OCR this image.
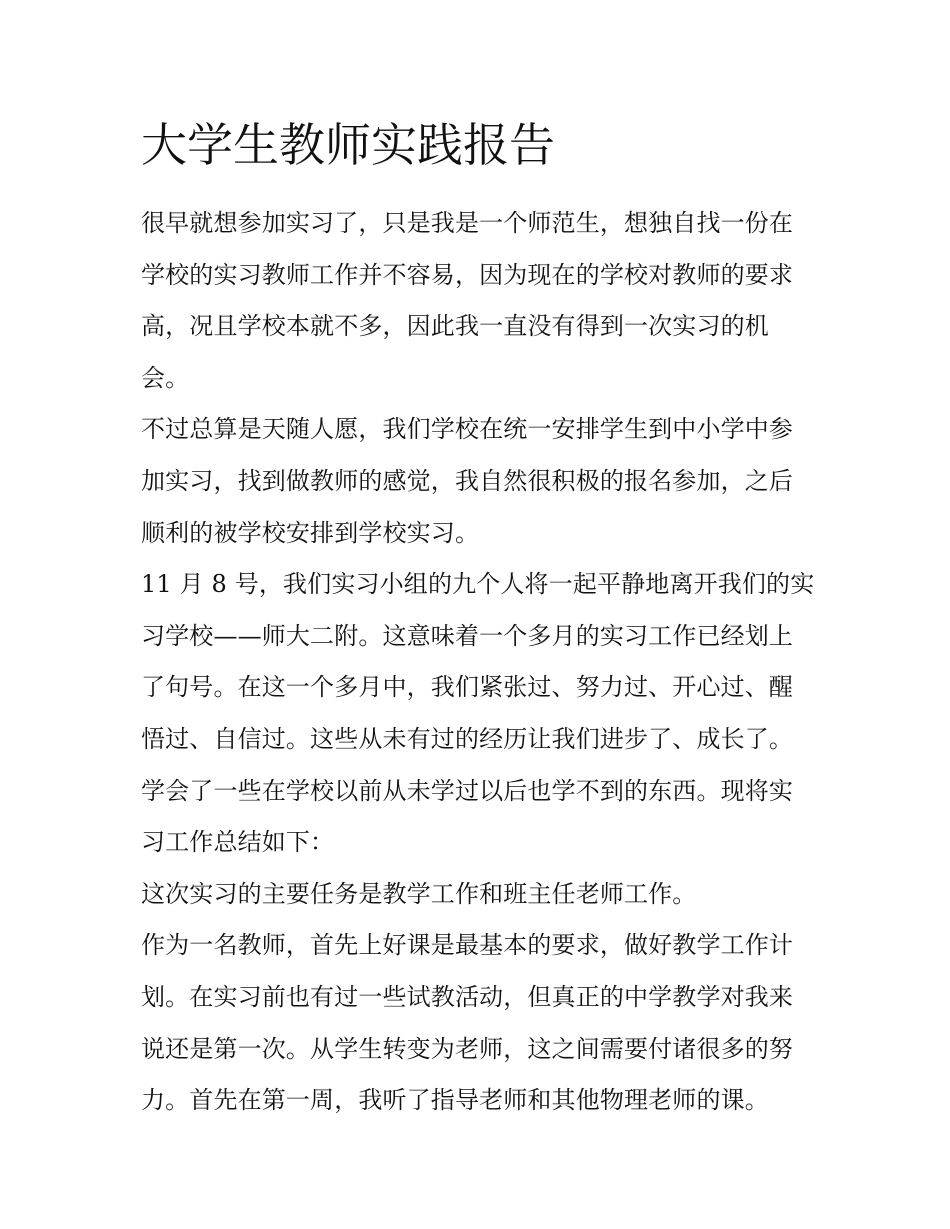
大学生教师实践报告
很早就想参加实习了，只是我是一个师范生，想独自找一份在
学校的实习教师工作并不容易，因为现在的学校对教师的要求
高，况且学校本就不多，因此我一直没有得到一次实习的机
会。
不过总算是天随人愿，我们学校在统一安排学生到中小学中参
加实习，找到做教师的感觉，我自然很积极的报名参加，之后
顺利的被学校安排到学校实习。
11 月 8 号，我们实习小组的九个人将一起平静地离开我们的实
习学校——师大二附。这意味着一个多月的实习工作已经划上
了句号。在这一个多月中，我们紧张过、努力过、开心过、醒
悟过、自信过。这些从未有过的经历让我们进步了、成长了。
学会了一些在学校以前从未学过以后也学不到的东西。现将实
习工作总结如下：
这次实习的主要任务是教学工作和班主任老师工作。
作为一名教师，首先上好课是最基本的要求，做好教学工作计
划。在实习前也有过一些试教活动，但真正的中学教学对我来
说还是第一次。从学生转变为老师，这之间需要付诸很多的努
力。首先在第一周，我听了指导老师和其他物理老师的课。
